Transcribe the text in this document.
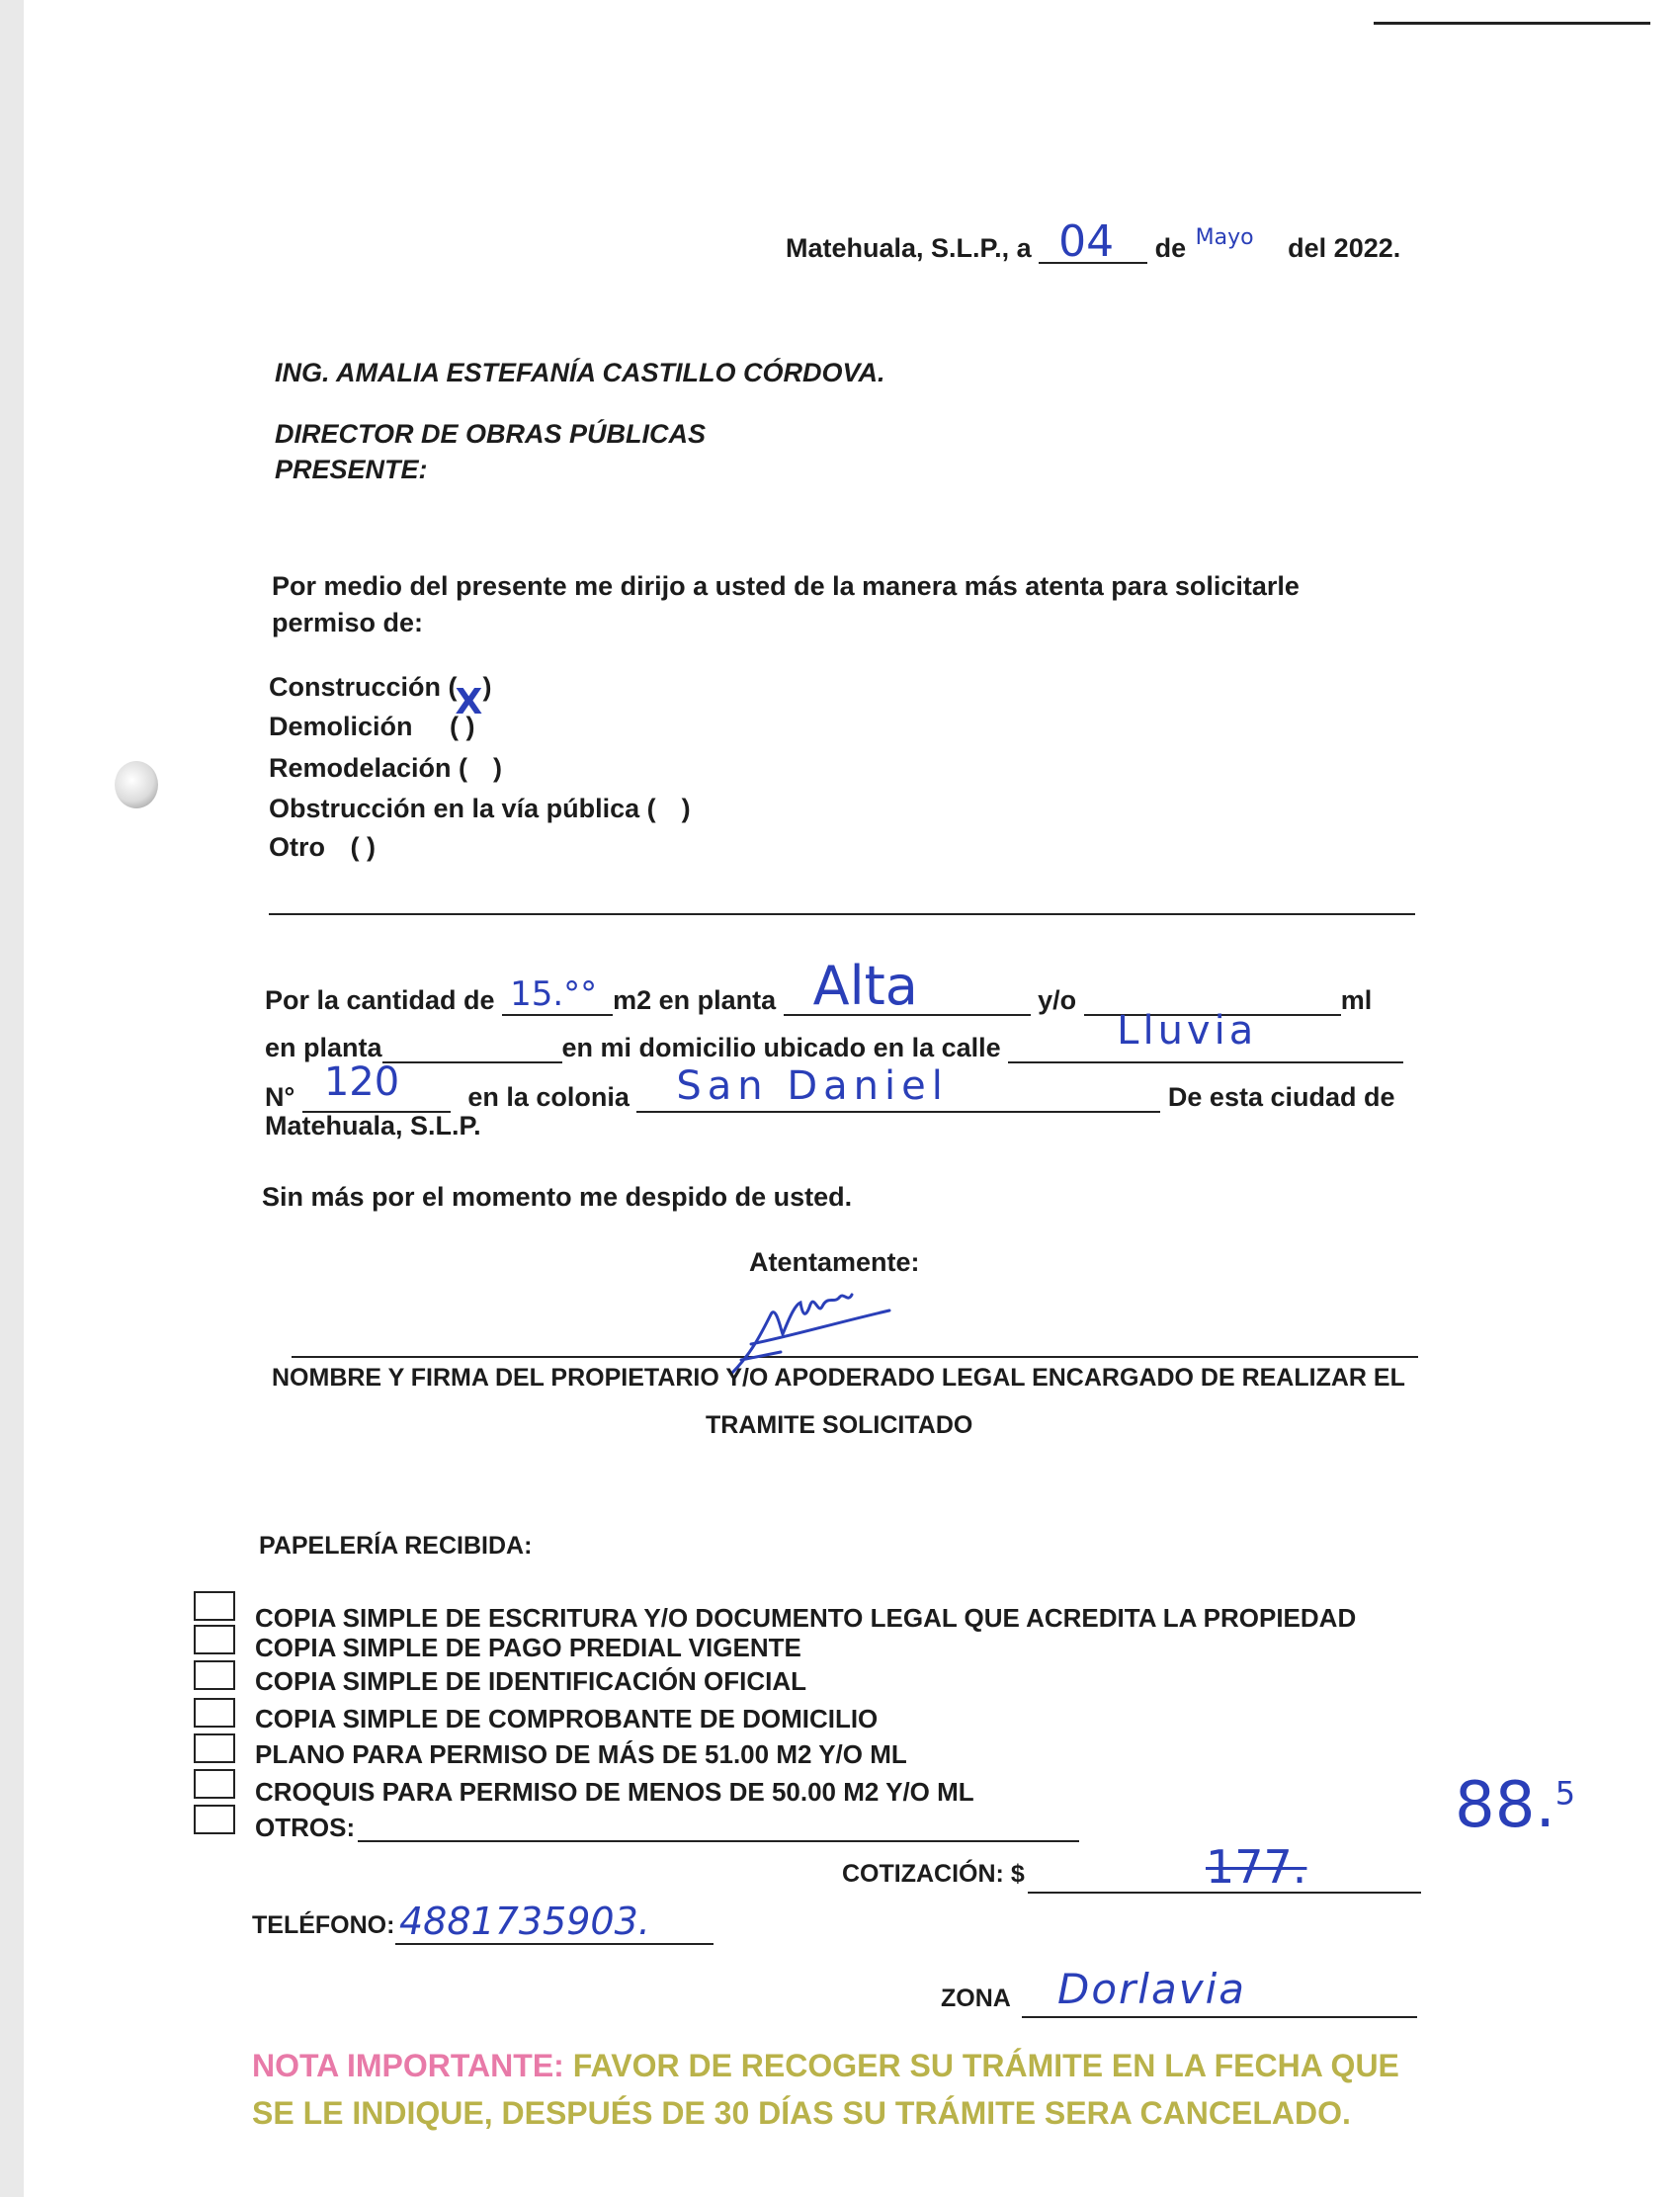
Matehuala, S.L.P., a 04 de Mayo del 2022.
ING. AMALIA ESTEFANÍA CASTILLO CÓRDOVA.
DIRECTOR DE OBRAS PÚBLICAS
PRESENTE:
Por medio del presente me dirijo a usted de la manera más atenta para solicitarle
permiso de:
Construcción (
X )
Demolición ( )
Remodelación ( )
Obstrucción en la vía pública ( )
Otro ( )
Por la cantidad de 15.°° m2 en planta Alta	y/o	ml
en planta	en mi domicilio ubicado en la calle	Lluvia
N° 120	en la colonia San Daniel	De esta ciudad de
Matehuala, S.L.P.
Sin más por el momento me despido de usted.
Atentamente:
NOMBRE Y FIRMA DEL PROPIETARIO Y/O APODERADO LEGAL ENCARGADO DE REALIZAR EL
TRAMITE SOLICITADO
PAPELERÍA RECIBIDA:
COPIA SIMPLE DE ESCRITURA Y/O DOCUMENTO LEGAL QUE ACREDITA LA PROPIEDAD
COPIA SIMPLE DE PAGO PREDIAL VIGENTE
COPIA SIMPLE DE IDENTIFICACIÓN OFICIAL
COPIA SIMPLE DE COMPROBANTE DE DOMICILIO
PLANO PARA PERMISO DE MÁS DE 51.00 M2 Y/O ML
CROQUIS PARA PERMISO DE MENOS DE 50.00 M2 Y/O ML
OTROS:
COTIZACIÓN: $	177.
88.$^5$
TELÉFONO: 4881735903.
ZONA Dorlavia
NOTA IMPORTANTE: FAVOR DE RECOGER SU TRÁMITE EN LA FECHA QUE
SE LE INDIQUE, DESPUÉS DE 30 DÍAS SU TRÁMITE SERA CANCELADO.
